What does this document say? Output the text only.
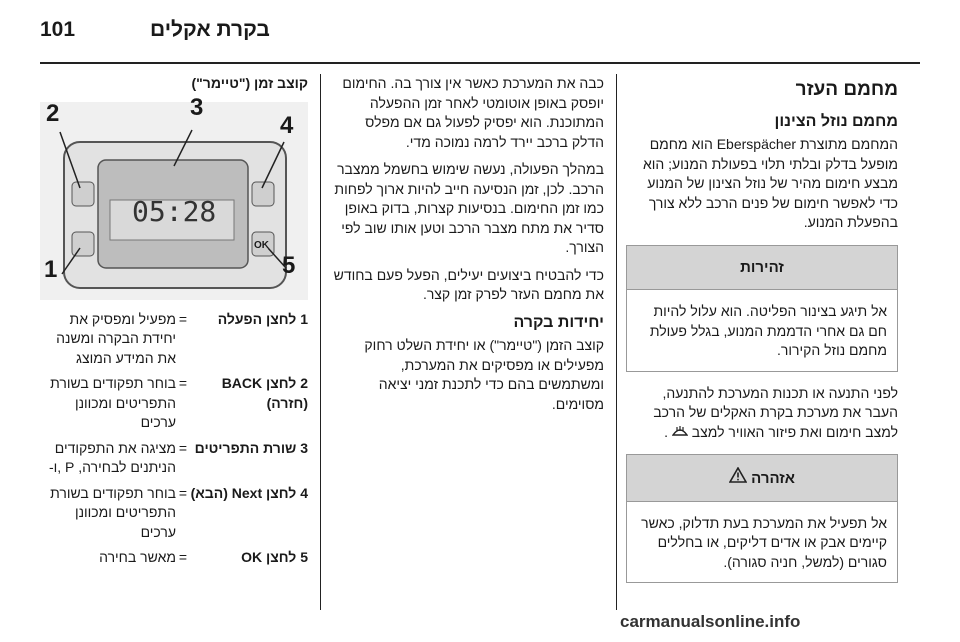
101	בקרת אקלים
מחמם העזר
מחמם נוזל הצינון

המחמם מתוצרת Eberspächer הוא מחמם מופעל בדלק ובלתי תלוי בפעולת המנוע; הוא מבצע חימום מהיר של נוזל הצינון של המנוע כדי לאפשר חימום של פנים הרכב ללא צורך בהפעלת המנוע.

זהירות
אל תיגע בצינור הפליטה. הוא עלול להיות חם גם אחרי הדממת המנוע, בגלל פעולת מחמם נוזל הקירור.

לפני התנעה או תכנות המערכת להתנעה, העבר את מערכת בקרת האקלים של הרכב למצב חימום ואת פיזור האוויר למצב  .

אזהרה
אל תפעיל את המערכת בעת תדלוק, כאשר קיימים אבק או אדים דליקים, או בחללים סגורים (למשל, חניה סגורה).

כבה את המערכת כאשר אין צורך בה. החימום יופסק באופן אוטומטי לאחר זמן ההפעלה המתוכנת. הוא יפסיק לפעול גם אם מפלס הדלק ברכב יירד לרמה נמוכה מדי.

במהלך הפעולה, נעשה שימוש בחשמל ממצבר הרכב. לכן, זמן הנסיעה חייב להיות ארוך לפחות כמו זמן החימום. בנסיעות קצרות, בדוק באופן סדיר את מתח מצבר הרכב וטען אותו שוב לפי הצורך.

כדי להבטיח ביצועים יעילים, הפעל פעם בחודש את מחמם העזר לפרק זמן קצר.

יחידות בקרה

קוצב הזמן ("טיימר") או יחידת השלט רחוק מפעילים או מפסיקים את המערכת, ומשתמשים בהם כדי לתכנת זמני יציאה מסוימים.

קוצב זמן ("טיימר")
05:28
OK
1
2	3
4
5
1 לחצן הפעלה
=
מפעיל ומפסיק את יחידת הבקרה ומשנה את המידע המוצג
2 לחצן BACK (חזרה)
=
בוחר תפקודים בשורת התפריטים ומכוונן ערכים
3 שורת התפריטים
=
מציגה את התפקודים הניתנים לבחירה, P ,ו-
4 לחצן Next (הבא)
=
בוחר תפקודים בשורת התפריטים ומכוונן ערכים
5 לחצן OK
=
מאשר בחירה
carmanualsonline.info
